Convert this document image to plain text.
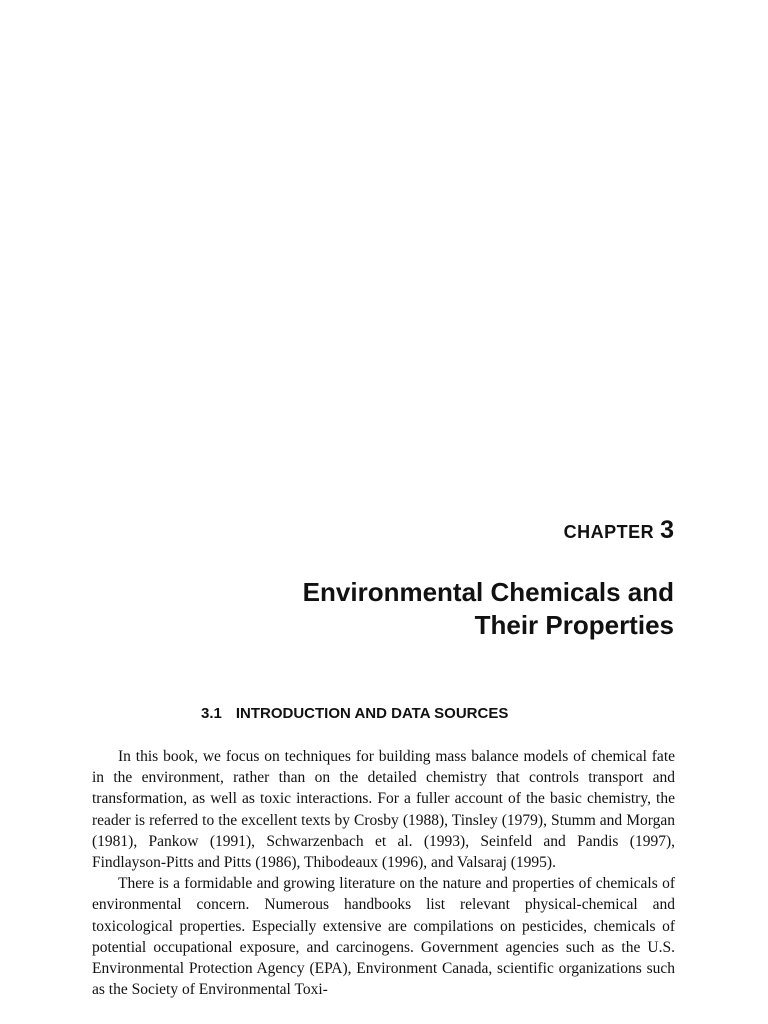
CHAPTER 3
Environmental Chemicals and
Their Properties
3.1 INTRODUCTION AND DATA SOURCES

In this book, we focus on techniques for building mass balance models of chemical fate in the environment, rather than on the detailed chemistry that controls transport and transformation, as well as toxic interactions. For a fuller account of the basic chemistry, the reader is referred to the excellent texts by Crosby (1988), Tinsley (1979), Stumm and Morgan (1981), Pankow (1991), Schwarzenbach et al. (1993), Seinfeld and Pandis (1997), Findlayson-Pitts and Pitts (1986), Thibodeaux (1996), and Valsaraj (1995).

There is a formidable and growing literature on the nature and properties of chemicals of environmental concern. Numerous handbooks list relevant physical-chemical and toxicological properties. Especially extensive are compilations on pesticides, chemicals of potential occupational exposure, and carcinogens. Government agencies such as the U.S. Environmental Protection Agency (EPA), Environment Canada, scientific organizations such as the Society of Environmental Toxi-
